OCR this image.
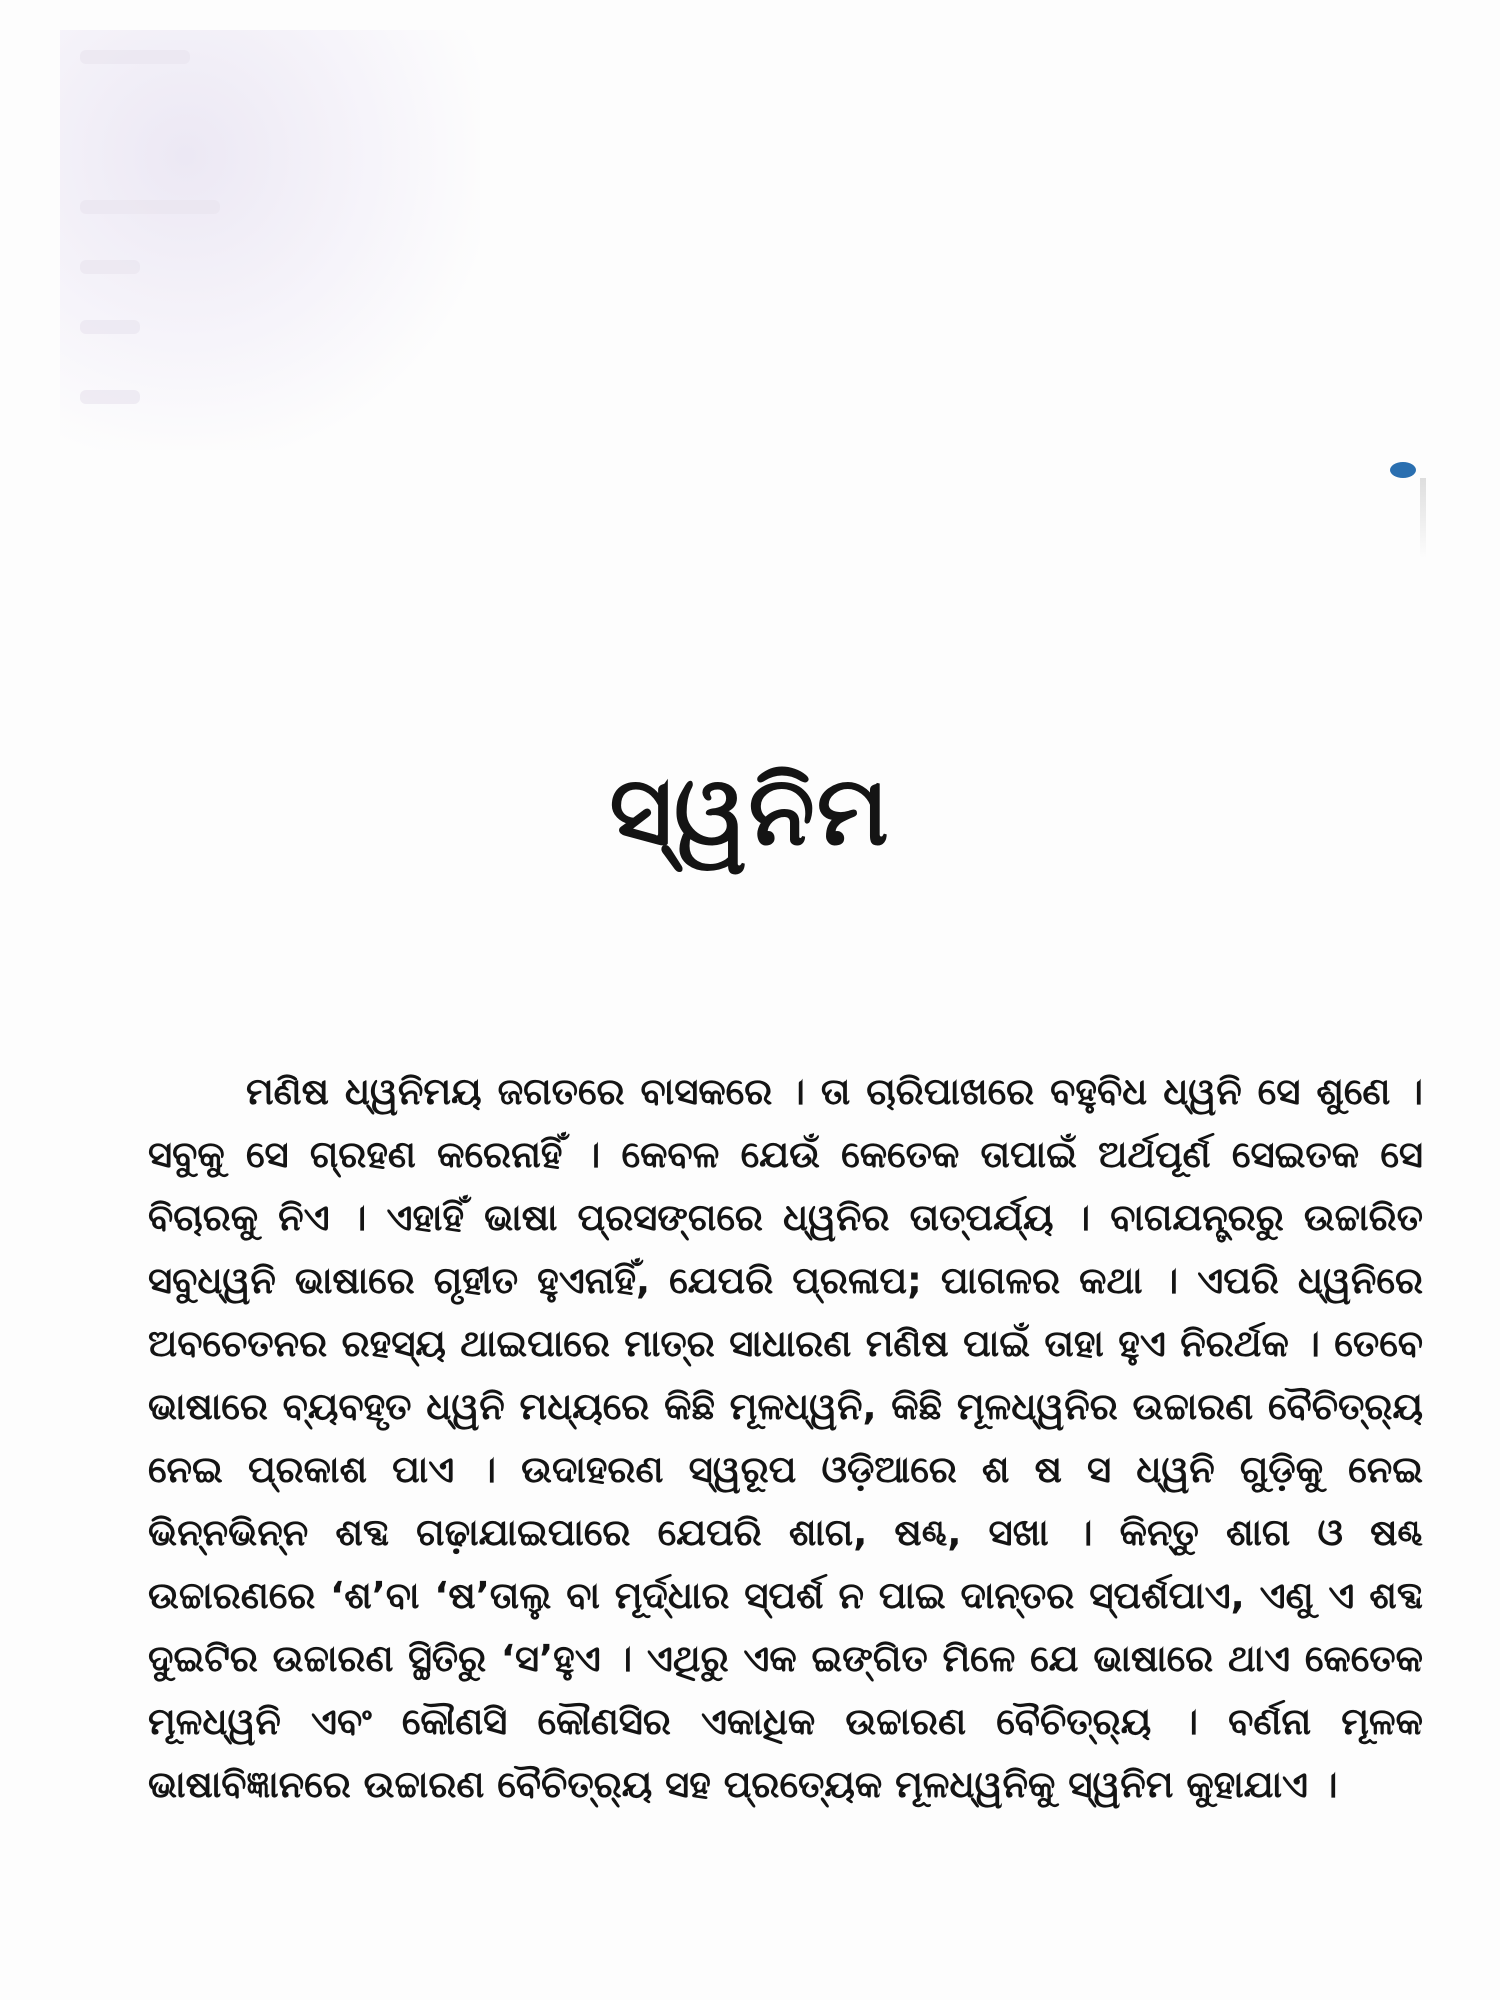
ସ୍ୱନିମ

ମଣିଷ ଧ୍ୱନିମୟ ଜଗତରେ ବାସକରେ । ତା ଚାରିପାଖରେ ବହୁବିଧ ଧ୍ୱନି ସେ ଶୁଣେ । ସବୁକୁ ସେ ଗ୍ରହଣ କରେନାହିଁ । କେବଳ ଯେଉଁ କେତେକ ତାପାଇଁ ଅର୍ଥପୂର୍ଣ ସେଇତକ ସେ ବିଚାରକୁ ନିଏ । ଏହାହିଁ ଭାଷା ପ୍ରସଙ୍ଗରେ ଧ୍ୱନିର ତାତ୍ପର୍ଯ୍ୟ । ବାଗଯନ୍ତ୍ରରୁ ଉଚ୍ଚାରିତ ସବୁଧ୍ୱନି ଭାଷାରେ ଗୃହୀତ ହୁଏନାହିଁ, ଯେପରି ପ୍ରଳାପ; ପାଗଳର କଥା । ଏପରି ଧ୍ୱନିରେ ଅବଚେତନର ରହସ୍ୟ ଥାଇପାରେ ମାତ୍ର ସାଧାରଣ ମଣିଷ ପାଇଁ ତାହା ହୁଏ ନିରର୍ଥକ । ତେବେ ଭାଷାରେ ବ୍ୟବହୃତ ଧ୍ୱନି ମଧ୍ୟରେ କିଛି ମୂଳଧ୍ୱନି, କିଛି ମୂଳଧ୍ୱନିର ଉଚ୍ଚାରଣ ବୈଚିତ୍ର୍ୟ ନେଇ ପ୍ରକାଶ ପାଏ । ଉଦାହରଣ ସ୍ୱରୂପ ଓଡ଼ିଆରେ ଶ ଷ ସ ଧ୍ୱନି ଗୁଡ଼ିକୁ ନେଇ ଭିନ୍ନଭିନ୍ନ ଶବ୍ଦ ଗଢ଼ାଯାଇପାରେ ଯେପରି ଶାଗ, ଷଣ୍ଢ, ସଖା । କିନ୍ତୁ ଶାଗ ଓ ଷଣ୍ଢ ଉଚ୍ଚାରଣରେ ‘ଶ’ବା ‘ଷ’ତାଲୁ ବା ମୂର୍ଦ୍ଧାର ସ୍ପର୍ଶ ନ ପାଇ ଦାନ୍ତର ସ୍ପର୍ଶପାଏ, ଏଣୁ ଏ ଶବ୍ଦ ଦୁଇଟିର ଉଚ୍ଚାରଣ ସ୍ଥିତିରୁ ‘ସ’ହୁଏ । ଏଥିରୁ ଏକ ଇଙ୍ଗିତ ମିଳେ ଯେ ଭାଷାରେ ଥାଏ କେତେକ ମୂଳଧ୍ୱନି ଏବଂ କୌଣସି କୌଣସିର ଏକାଧିକ ଉଚ୍ଚାରଣ ବୈଚିତ୍ର୍ୟ । ବର୍ଣନା ମୂଳକ ଭାଷାବିଜ୍ଞାନରେ ଉଚ୍ଚାରଣ ବୈଚିତ୍ର୍ୟ ସହ ପ୍ରତ୍ୟେକ ମୂଳଧ୍ୱନିକୁ ସ୍ୱନିମ କୁହାଯାଏ ।
